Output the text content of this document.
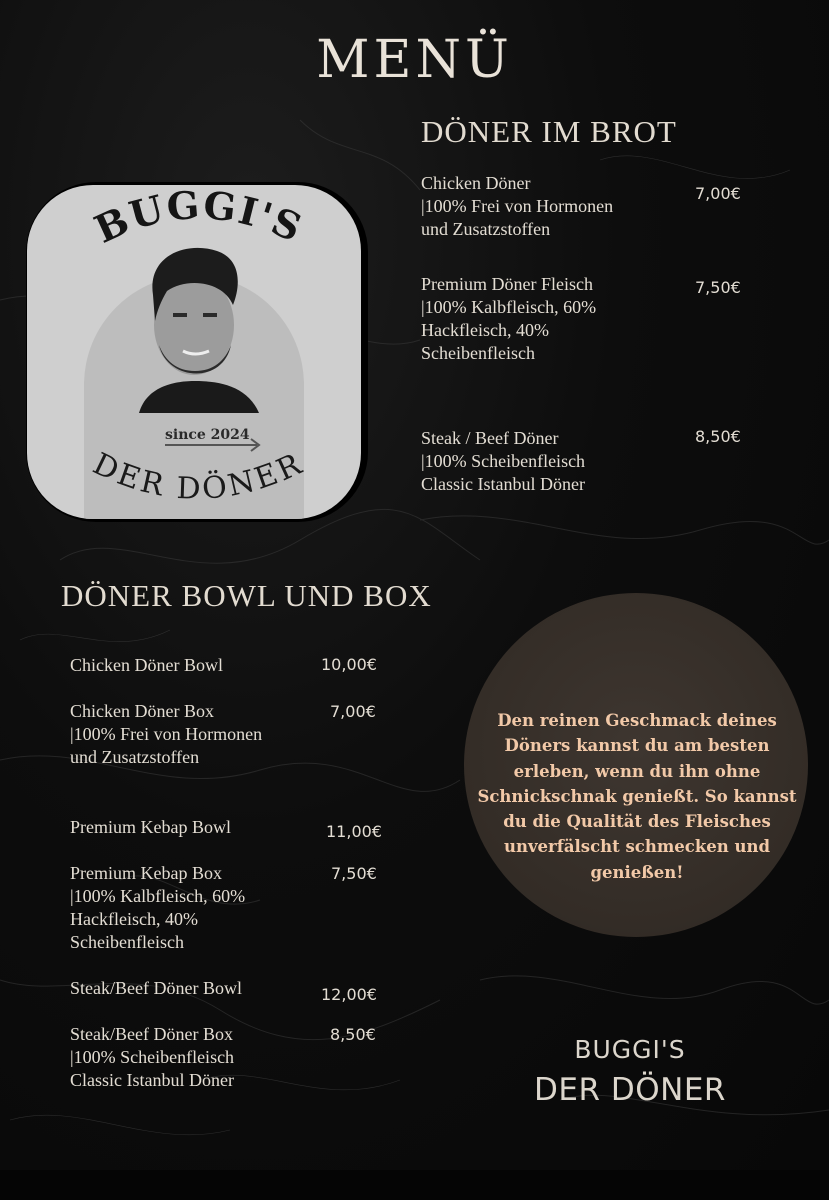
MENÜ
BUGGI'S
DER DÖNER
since 2024
DÖNER IM BROT
Chicken Döner
|100% Frei von Hormonen
und Zusatzstoffen
7,00€
Premium Döner Fleisch
|100% Kalbfleisch, 60%
Hackfleisch, 40%
Scheibenfleisch
7,50€
Steak / Beef Döner
|100% Scheibenfleisch
Classic Istanbul Döner
8,50€
DÖNER BOWL UND BOX
Chicken Döner Bowl	10,00€
Chicken Döner Box
|100% Frei von Hormonen
und Zusatzstoffen
7,00€
Premium Kebap Bowl	11,00€
Premium Kebap Box
|100% Kalbfleisch, 60%
Hackfleisch, 40%
Scheibenfleisch
7,50€
Steak/Beef Döner Bowl	12,00€
Steak/Beef Döner Box
|100% Scheibenfleisch
Classic Istanbul Döner
8,50€
Den reinen Geschmack deines Döners kannst du am besten erleben, wenn du ihn ohne Schnickschnak genießt. So kannst du die Qualität des Fleisches unverfälscht schmecken und genießen!
BUGGI'S
DER DÖNER
